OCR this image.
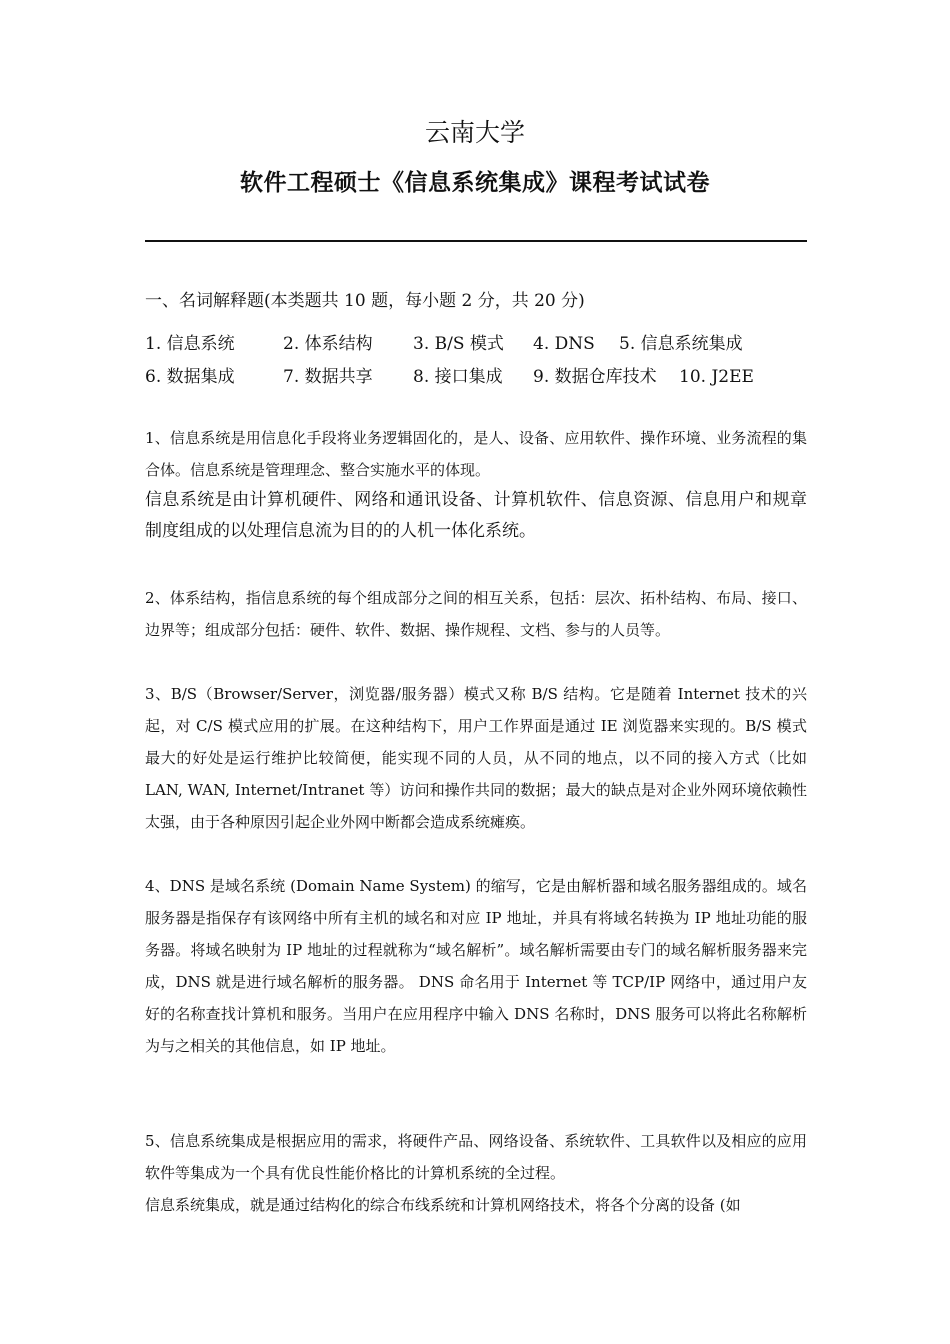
云南大学
软件工程硕士《信息系统集成》课程考试试卷
一、名词解释题(本类题共 10 题，每小题 2 分，共 20 分)
1. 信息系统	2. 体系结构 3. B/S 模式 4. DNS 5. 信息系统集成
6. 数据集成	7. 数据共享 8. 接口集成 9. 数据仓库技术 10. J2EE
1、信息系统是用信息化手段将业务逻辑固化的，是人、设备、应用软件、操作环境、业务流程的集合体。信息系统是管理理念、整合实施水平的体现。
信息系统是由计算机硬件、网络和通讯设备、计算机软件、信息资源、信息用户和规章制度组成的以处理信息流为目的的人机一体化系统。
2、体系结构，指信息系统的每个组成部分之间的相互关系，包括：层次、拓朴结构、布局、接口、边界等；组成部分包括：硬件、软件、数据、操作规程、文档、参与的人员等。
3、B/S（Browser/Server，浏览器/服务器）模式又称 B/S 结构。它是随着 Internet 技术的兴起，对 C/S 模式应用的扩展。在这种结构下，用户工作界面是通过 IE 浏览器来实现的。B/S 模式最大的好处是运行维护比较简便，能实现不同的人员，从不同的地点，以不同的接入方式（比如 LAN, WAN, Internet/Intranet 等）访问和操作共同的数据；最大的缺点是对企业外网环境依赖性太强，由于各种原因引起企业外网中断都会造成系统瘫痪。
4、DNS 是域名系统 (Domain Name System) 的缩写，它是由解析器和域名服务器组成的。域名服务器是指保存有该网络中所有主机的域名和对应 IP 地址，并具有将域名转换为 IP 地址功能的服务器。将域名映射为 IP 地址的过程就称为“域名解析”。域名解析需要由专门的域名解析服务器来完成，DNS 就是进行域名解析的服务器。 DNS 命名用于 Internet 等 TCP/IP 网络中，通过用户友好的名称查找计算机和服务。当用户在应用程序中输入 DNS 名称时，DNS 服务可以将此名称解析为与之相关的其他信息，如 IP 地址。
5、信息系统集成是根据应用的需求，将硬件产品、网络设备、系统软件、工具软件以及相应的应用软件等集成为一个具有优良性能价格比的计算机系统的全过程。
信息系统集成，就是通过结构化的综合布线系统和计算机网络技术，将各个分离的设备 (如
